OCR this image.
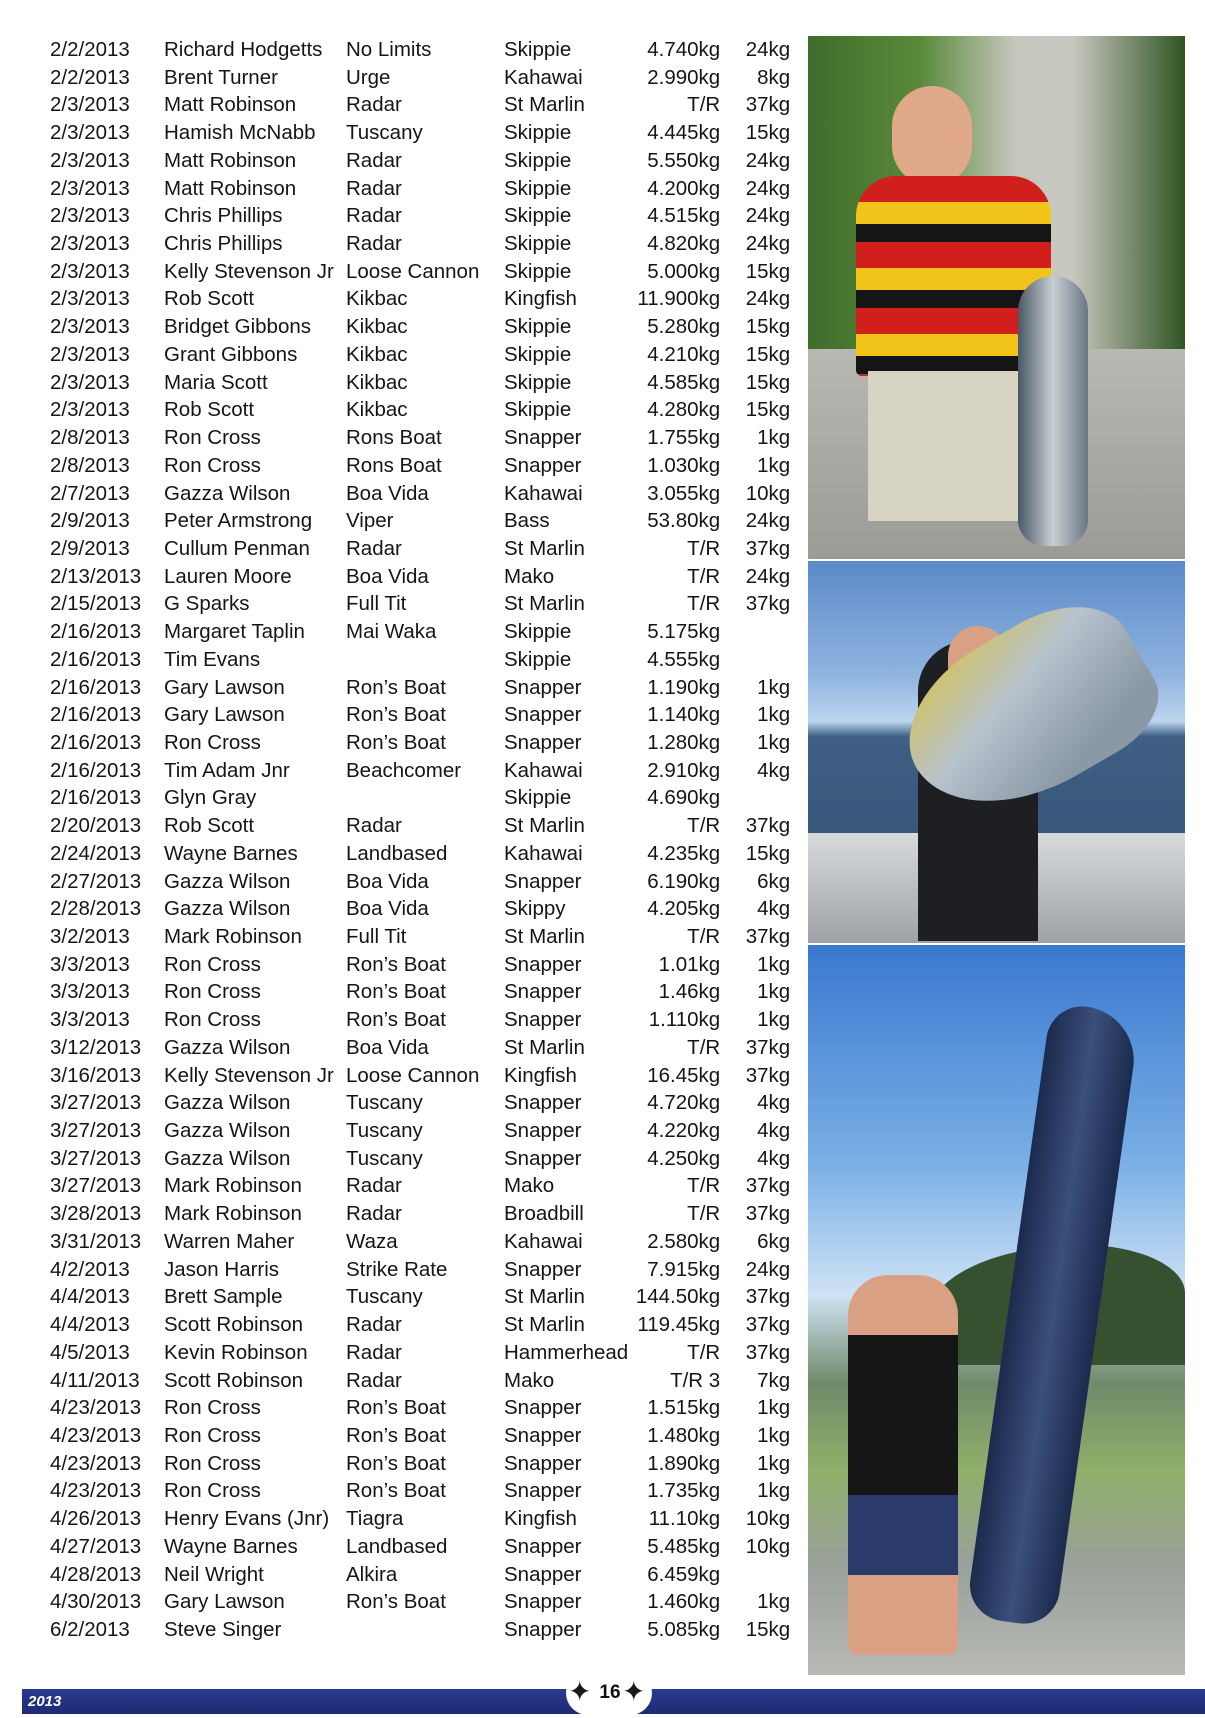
2/2/2013	Richard Hodgetts	No Limits	Skippie	4.740kg	24kg
2/2/2013	Brent Turner	Urge	Kahawai	2.990kg	8kg
2/3/2013	Matt Robinson	Radar	St Marlin	T/R	37kg
2/3/2013	Hamish McNabb	Tuscany	Skippie	4.445kg	15kg
2/3/2013	Matt Robinson	Radar	Skippie	5.550kg	24kg
2/3/2013	Matt Robinson	Radar	Skippie	4.200kg	24kg
2/3/2013	Chris Phillips	Radar	Skippie	4.515kg	24kg
2/3/2013	Chris Phillips	Radar	Skippie	4.820kg	24kg
2/3/2013	Kelly Stevenson Jr	Loose Cannon	Skippie	5.000kg	15kg
2/3/2013	Rob Scott	Kikbac	Kingfish	11.900kg	24kg
2/3/2013	Bridget Gibbons	Kikbac	Skippie	5.280kg	15kg
2/3/2013	Grant Gibbons	Kikbac	Skippie	4.210kg	15kg
2/3/2013	Maria Scott	Kikbac	Skippie	4.585kg	15kg
2/3/2013	Rob Scott	Kikbac	Skippie	4.280kg	15kg
2/8/2013	Ron Cross	Rons Boat	Snapper	1.755kg	1kg
2/8/2013	Ron Cross	Rons Boat	Snapper	1.030kg	1kg
2/7/2013	Gazza Wilson	Boa Vida	Kahawai	3.055kg	10kg
2/9/2013	Peter Armstrong	Viper	Bass	53.80kg	24kg
2/9/2013	Cullum Penman	Radar	St Marlin	T/R	37kg
2/13/2013	Lauren Moore	Boa Vida	Mako	T/R	24kg
2/15/2013	G Sparks	Full Tit	St Marlin	T/R	37kg
2/16/2013	Margaret Taplin	Mai Waka	Skippie	5.175kg	
2/16/2013	Tim Evans		Skippie	4.555kg	
2/16/2013	Gary Lawson	Ron’s Boat	Snapper	1.190kg	1kg
2/16/2013	Gary Lawson	Ron’s Boat	Snapper	1.140kg	1kg
2/16/2013	Ron Cross	Ron’s Boat	Snapper	1.280kg	1kg
2/16/2013	Tim Adam Jnr	Beachcomer	Kahawai	2.910kg	4kg
2/16/2013	Glyn Gray		Skippie	4.690kg	
2/20/2013	Rob Scott	Radar	St Marlin	T/R	37kg
2/24/2013	Wayne Barnes	Landbased	Kahawai	4.235kg	15kg
2/27/2013	Gazza Wilson	Boa Vida	Snapper	6.190kg	6kg
2/28/2013	Gazza Wilson	Boa Vida	Skippy	4.205kg	4kg
3/2/2013	Mark Robinson	Full Tit	St Marlin	T/R	37kg
3/3/2013	Ron Cross	Ron’s Boat	Snapper	1.01kg	1kg
3/3/2013	Ron Cross	Ron’s Boat	Snapper	1.46kg	1kg
3/3/2013	Ron Cross	Ron’s Boat	Snapper	1.110kg	1kg
3/12/2013	Gazza Wilson	Boa Vida	St Marlin	T/R	37kg
3/16/2013	Kelly Stevenson Jr	Loose Cannon	Kingfish	16.45kg	37kg
3/27/2013	Gazza Wilson	Tuscany	Snapper	4.720kg	4kg
3/27/2013	Gazza Wilson	Tuscany	Snapper	4.220kg	4kg
3/27/2013	Gazza Wilson	Tuscany	Snapper	4.250kg	4kg
3/27/2013	Mark Robinson	Radar	Mako	T/R	37kg
3/28/2013	Mark Robinson	Radar	Broadbill	T/R	37kg
3/31/2013	Warren Maher	Waza	Kahawai	2.580kg	6kg
4/2/2013	Jason Harris	Strike Rate	Snapper	7.915kg	24kg
4/4/2013	Brett Sample	Tuscany	St Marlin	144.50kg	37kg
4/4/2013	Scott Robinson	Radar	St Marlin	119.45kg	37kg
4/5/2013	Kevin Robinson	Radar	Hammerhead	T/R	37kg
4/11/2013	Scott Robinson	Radar	Mako	T/R 3	7kg
4/23/2013	Ron Cross	Ron’s Boat	Snapper	1.515kg	1kg
4/23/2013	Ron Cross	Ron’s Boat	Snapper	1.480kg	1kg
4/23/2013	Ron Cross	Ron’s Boat	Snapper	1.890kg	1kg
4/23/2013	Ron Cross	Ron’s Boat	Snapper	1.735kg	1kg
4/26/2013	Henry Evans (Jnr)	Tiagra	Kingfish	11.10kg	10kg
4/27/2013	Wayne Barnes	Landbased	Snapper	5.485kg	10kg
4/28/2013	Neil Wright	Alkira	Snapper	6.459kg	
4/30/2013	Gary Lawson	Ron’s Boat	Snapper	1.460kg	1kg
6/2/2013	Steve Singer		Snapper	5.085kg	15kg
2013	✦ ✦
16
